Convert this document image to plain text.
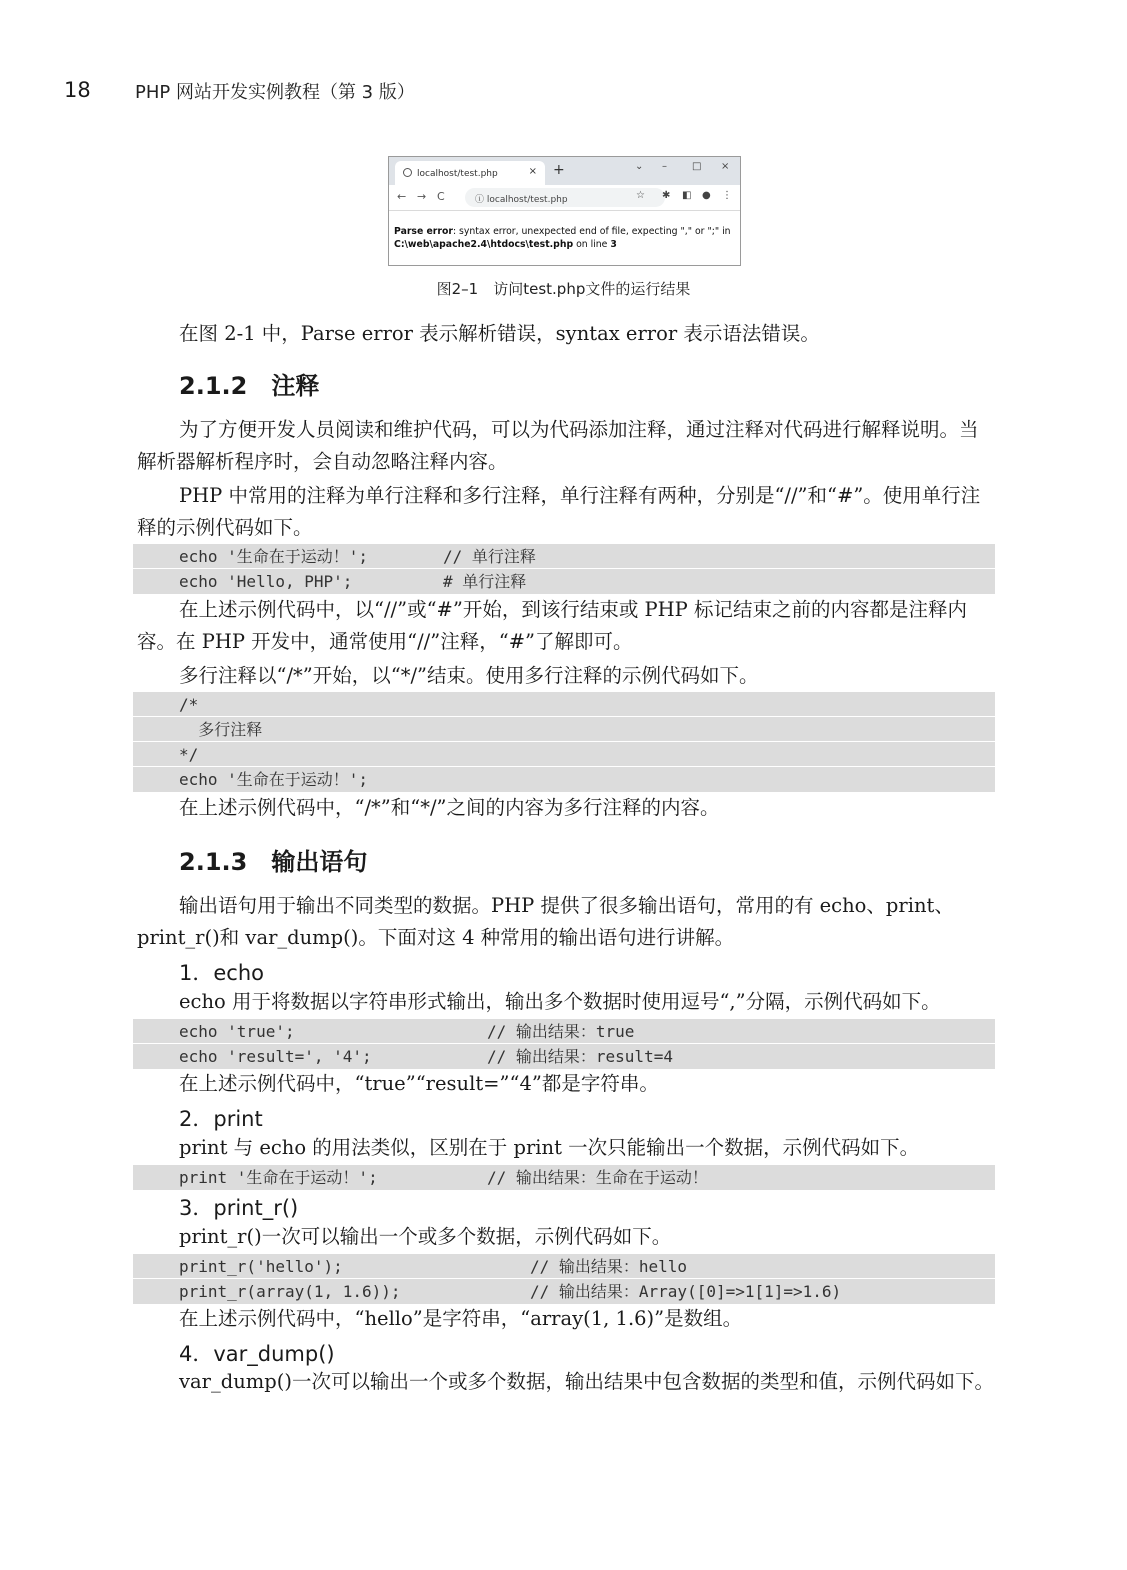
18 PHP 网站开发实例教程（第 3 版）
localhost/test.php	× +	⌄ –	□ ×
← → C	ⓘ localhost/test.php	☆ ✱ ◧ ● ⋮
Parse error: syntax error, unexpected end of file, expecting "," or ";" in
C:\web\apache2.4\htdocs\test.php on line 3
图2–1　访问test.php文件的运行结果
在图 2-1 中，Parse error 表示解析错误，syntax error 表示语法错误。
2.1.2　注释
为了方便开发人员阅读和维护代码，可以为代码添加注释，通过注释对代码进行解释说明。当解析器解析程序时，会自动忽略注释内容。
PHP 中常用的注释为单行注释和多行注释，单行注释有两种，分别是“//”和“#”。使用单行注释的示例代码如下。
echo '生命在于运动！';	// 单行注释
echo 'Hello, PHP';	# 单行注释
在上述示例代码中，以“//”或“#”开始，到该行结束或 PHP 标记结束之前的内容都是注释内容。在 PHP 开发中，通常使用“//”注释，“#”了解即可。
多行注释以“/*”开始，以“*/”结束。使用多行注释的示例代码如下。
/*
多行注释
*/
echo '生命在于运动！';
在上述示例代码中，“/*”和“*/”之间的内容为多行注释的内容。
2.1.3　输出语句
输出语句用于输出不同类型的数据。PHP 提供了很多输出语句，常用的有 echo、print、print_r()和 var_dump()。下面对这 4 种常用的输出语句进行讲解。
1．echo
echo 用于将数据以字符串形式输出，输出多个数据时使用逗号“,”分隔，示例代码如下。
echo 'true';	// 输出结果：true
echo 'result=', '4';	// 输出结果：result=4
在上述示例代码中，“true”“result=”“4”都是字符串。
2．print
print 与 echo 的用法类似，区别在于 print 一次只能输出一个数据，示例代码如下。
print '生命在于运动！';	// 输出结果：生命在于运动！
3．print_r()
print_r()一次可以输出一个或多个数据，示例代码如下。
print_r('hello');	// 输出结果：hello
print_r(array(1, 1.6));	// 输出结果：Array([0]=>1[1]=>1.6)
在上述示例代码中，“hello”是字符串，“array(1, 1.6)”是数组。
4．var_dump()
var_dump()一次可以输出一个或多个数据，输出结果中包含数据的类型和值，示例代码如下。
